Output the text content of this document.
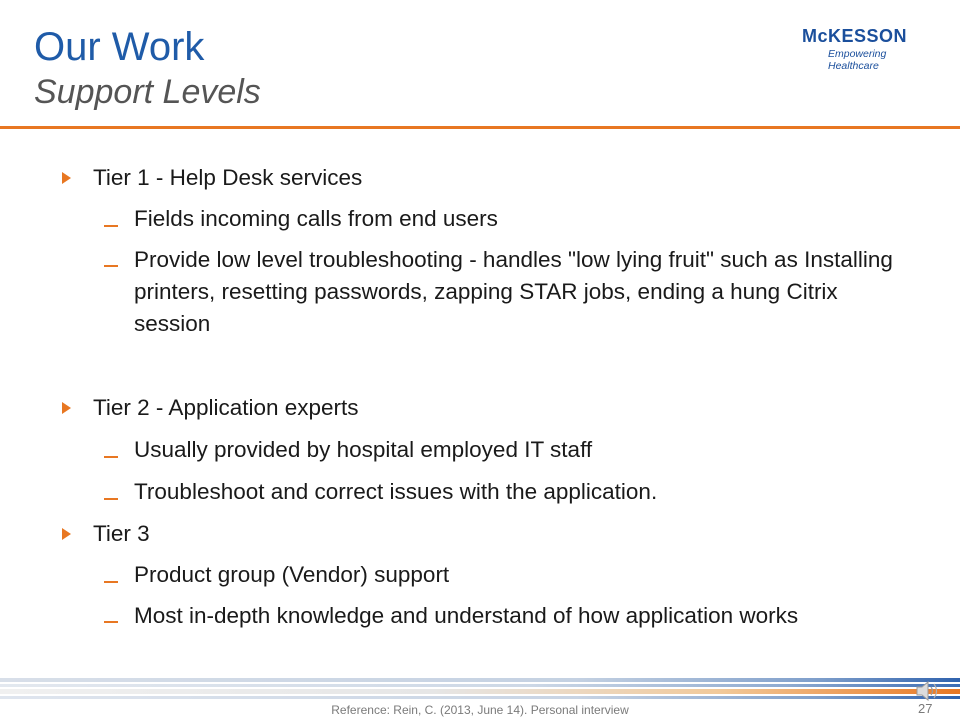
Our Work
Support Levels
McKESSON
Empowering Healthcare
Tier 1 - Help Desk services
Fields incoming calls from end users
Provide low level troubleshooting - handles "low lying fruit" such as Installing printers, resetting passwords, zapping STAR jobs, ending a hung Citrix session
Tier 2 - Application experts
Usually provided by hospital employed IT staff
Troubleshoot and correct issues with the application.
Tier 3
Product group (Vendor) support
Most in-depth knowledge and understand of how application works
Reference: Rein, C. (2013, June 14). Personal interview	27
